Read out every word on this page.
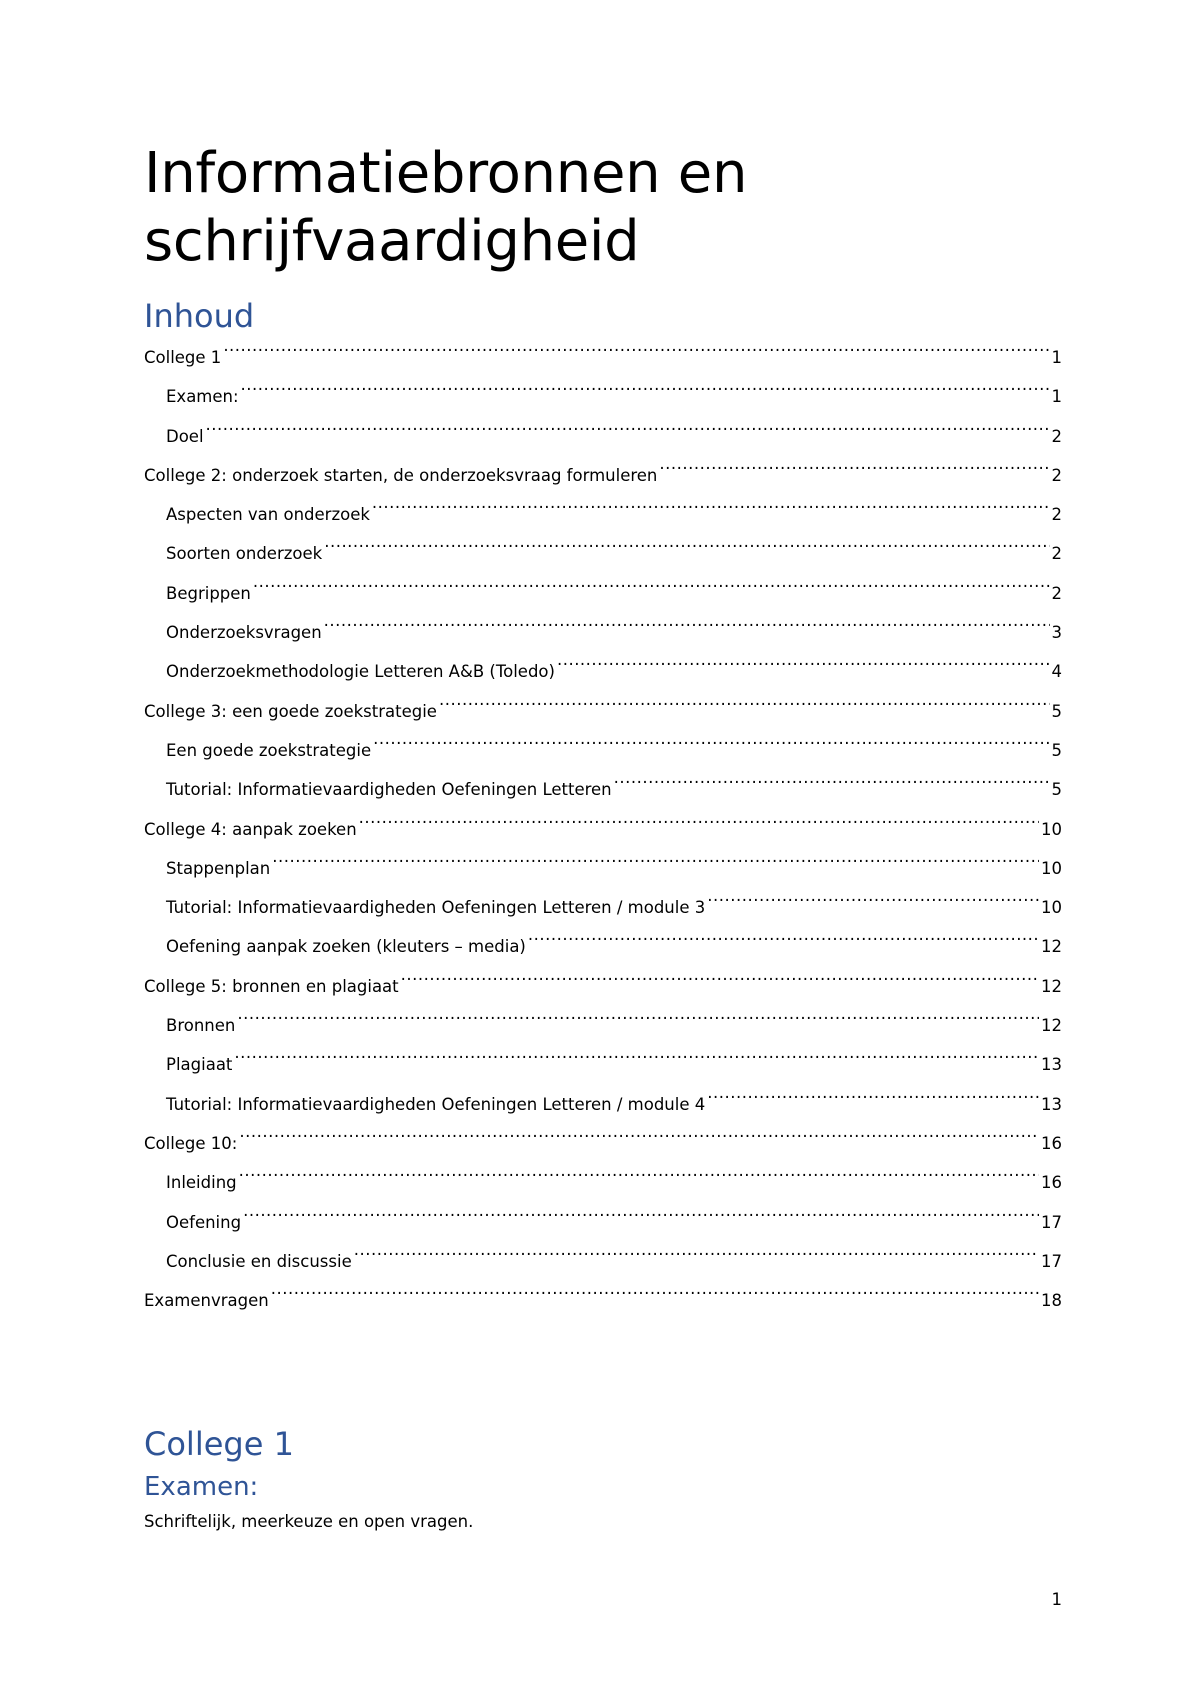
Informatiebronnen en schrijfvaardigheid
Inhoud
College 1 .....	1
Examen: .....	1
Doel .....	2
College 2: onderzoek starten, de onderzoeksvraag formuleren .....	2
Aspecten van onderzoek .....	2
Soorten onderzoek .....	2
Begrippen .....	2
Onderzoeksvragen .....	3
Onderzoekmethodologie Letteren A&B (Toledo) .....	4
College 3: een goede zoekstrategie .....	5
Een goede zoekstrategie .....	5
Tutorial: Informatievaardigheden Oefeningen Letteren .....	5
College 4: aanpak zoeken .....	10
Stappenplan .....	10
Tutorial: Informatievaardigheden Oefeningen Letteren / module 3 .....	10
Oefening aanpak zoeken (kleuters – media) .....	12
College 5: bronnen en plagiaat .....	12
Bronnen .....	12
Plagiaat .....	13
Tutorial: Informatievaardigheden Oefeningen Letteren / module 4 .....	13
College 10: .....	16
Inleiding .....	16
Oefening .....	17
Conclusie en discussie .....	17
Examenvragen .....	18
College 1
Examen:

Schriftelijk, meerkeuze en open vragen.

1
